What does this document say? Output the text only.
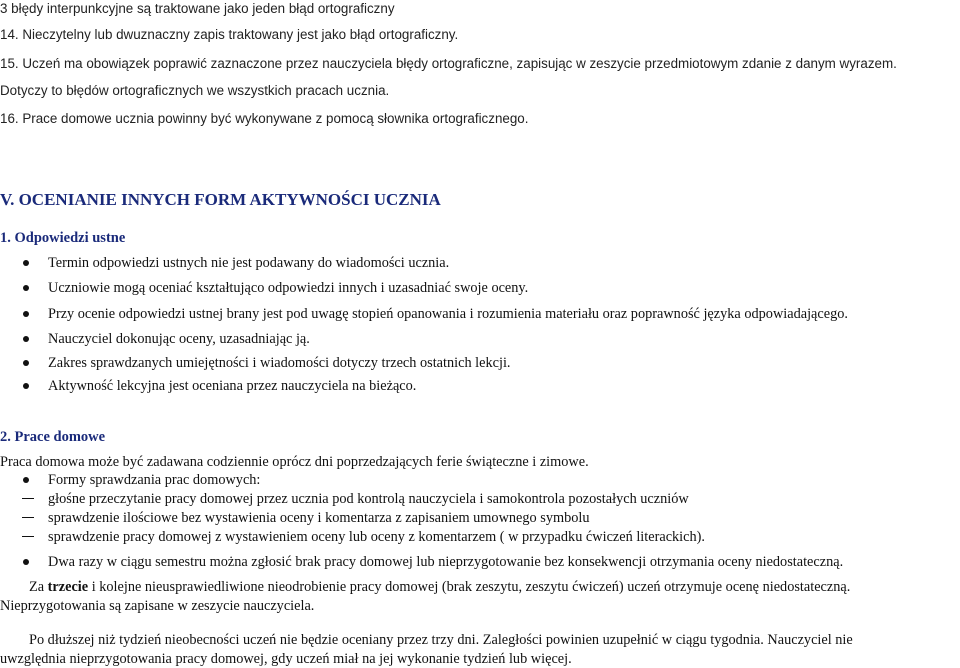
3 błędy interpunkcyjne są traktowane jako jeden błąd ortograficzny
14. Nieczytelny lub dwuznaczny zapis traktowany jest jako błąd ortograficzny.
15. Uczeń ma obowiązek poprawić zaznaczone przez nauczyciela błędy ortograficzne, zapisując w zeszycie przedmiotowym zdanie z danym wyrazem.
Dotyczy to błędów ortograficznych we wszystkich pracach ucznia.
16. Prace domowe ucznia powinny być wykonywane z pomocą słownika ortograficznego.
V. OCENIANIE INNYCH FORM AKTYWNOŚCI UCZNIA
1. Odpowiedzi ustne
Termin odpowiedzi ustnych nie jest podawany do wiadomości ucznia.
Uczniowie mogą oceniać kształtująco odpowiedzi innych i uzasadniać swoje oceny.
Przy ocenie odpowiedzi ustnej brany jest pod uwagę stopień opanowania i rozumienia materiału oraz poprawność języka odpowiadającego.
Nauczyciel dokonując oceny, uzasadniając ją.
Zakres sprawdzanych umiejętności i wiadomości dotyczy trzech ostatnich lekcji.
Aktywność lekcyjna jest oceniana przez nauczyciela na bieżąco.
2. Prace domowe
Praca domowa może być zadawana codziennie oprócz dni poprzedzających ferie świąteczne i zimowe.
Formy sprawdzania prac domowych:
głośne przeczytanie pracy domowej przez ucznia pod kontrolą nauczyciela i samokontrola pozostałych uczniów
sprawdzenie ilościowe bez wystawienia oceny i komentarza z zapisaniem umownego symbolu
sprawdzenie pracy domowej z wystawieniem oceny lub oceny z komentarzem ( w przypadku ćwiczeń literackich).
Dwa razy w ciągu semestru można zgłosić brak pracy domowej lub nieprzygotowanie bez konsekwencji otrzymania oceny niedostateczną.
Za trzecie i kolejne nieusprawiedliwione nieodrobienie pracy domowej (brak zeszytu, zeszytu ćwiczeń) uczeń otrzymuje ocenę niedostateczną.
Nieprzygotowania są zapisane w zeszycie nauczyciela.
Po dłuższej niż tydzień nieobecności uczeń nie będzie oceniany przez trzy dni. Zaległości powinien uzupełnić w ciągu tygodnia. Nauczyciel nie
uwzględnia nieprzygotowania pracy domowej, gdy uczeń miał na jej wykonanie tydzień lub więcej.
